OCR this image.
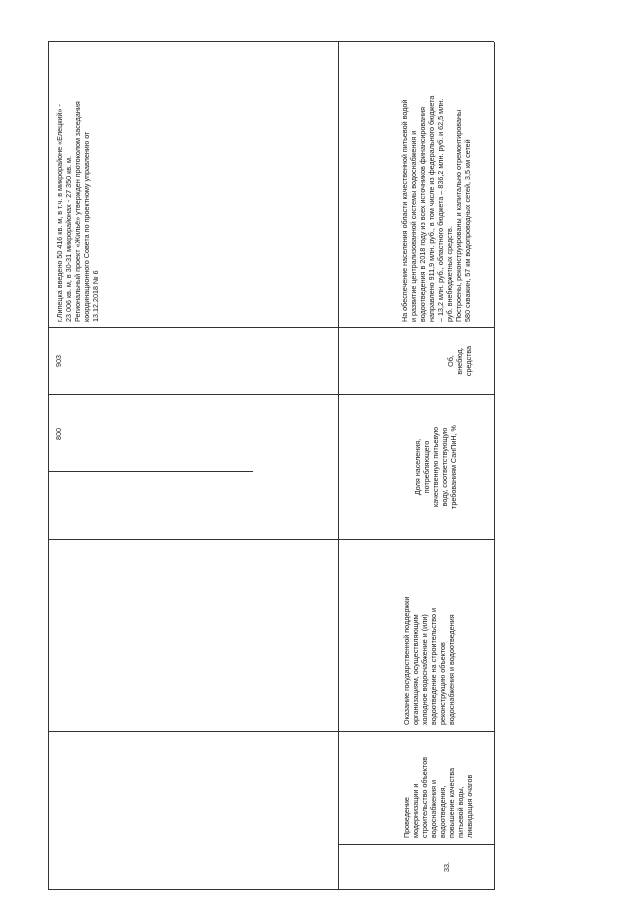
800
903

г.Липецка введено 50 416 кв. м, в т.ч. в микрорайоне «Елецкий» - 23 006 кв. м, в 30-31 микрорайонах - 27 350 кв. м. Региональный проект «Жильё» утвержден протоколом заседания координационного Совета по проектному управлению от 13.12.2018 № 6

33.

Проведение модернизации и строительство объектов водоснабжения и водоотведения, повышение качества питьевой воды, ликвидация очагов

Оказание государственной поддержки организациям, осуществляющим холодное водоснабжение и (или) водоотведение на строительство и реконструкцию объектов водоснабжения и водоотведения

Доля населения, потребляющего качественную питьевую воду, соответствующую требованиям СанПиН, %

Об, внебюд. средства

На обеспечение населения области качественной питьевой водой и развитие централизованной системы водоснабжения и водоотведения в 2018 году из всех источников финансирования направлено 911,9 млн. руб., в том числе из федерального бюджета – 13,2 млн. руб., областного бюджета – 836,2 млн. руб. и 62,5 млн. руб. внебюджетных средств. Построены, реконструированы и капитально отремонтированы 580 скважин, 57 км водопроводных сетей, 3,5 км сетей
